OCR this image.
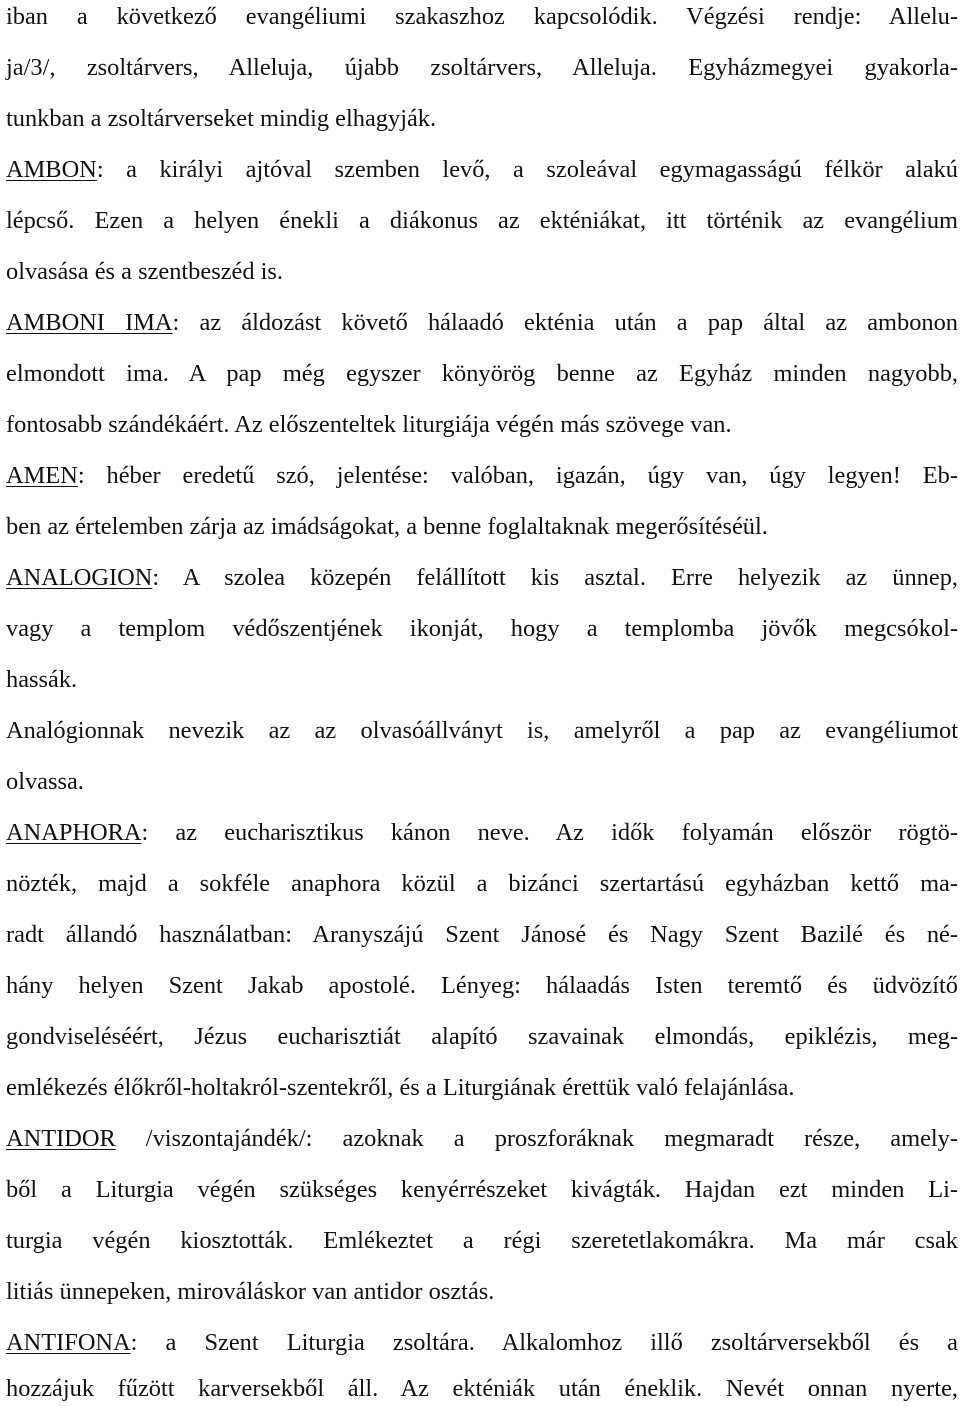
iban a következő evangéliumi szakaszhoz kapcsolódik. Végzési rendje: Allelu-
ja/3/, zsoltárvers, Alleluja, újabb zsoltárvers, Alleluja. Egyházmegyei gyakorla-
tunkban a zsoltárverseket mindig elhagyják.
AMBON: a királyi ajtóval szemben levő, a szoleával egymagasságú félkör alakú
lépcső. Ezen a helyen énekli a diákonus az ekténiákat, itt történik az evangélium
olvasása és a szentbeszéd is.
AMBONI IMA: az áldozást követő hálaadó ekténia után a pap által az ambonon
elmondott ima. A pap még egyszer könyörög benne az Egyház minden nagyobb,
fontosabb szándékáért. Az előszenteltek liturgiája végén más szövege van.
AMEN: héber eredetű szó, jelentése: valóban, igazán, úgy van, úgy legyen! Eb-
ben az értelemben zárja az imádságokat, a benne foglaltaknak megerősítéséül.
ANALOGION: A szolea közepén felállított kis asztal. Erre helyezik az ünnep,
vagy a templom védőszentjének ikonját, hogy a templomba jövők megcsókol-
hassák.
Analógionnak nevezik az az olvasóállványt is, amelyről a pap az evangéliumot
olvassa.
ANAPHORA: az eucharisztikus kánon neve. Az idők folyamán először rögtö-
nözték, majd a sokféle anaphora közül a bizánci szertartású egyházban kettő ma-
radt állandó használatban: Aranyszájú Szent Jánosé és Nagy Szent Bazilé és né-
hány helyen Szent Jakab apostolé. Lényeg: hálaadás Isten teremtő és üdvözítő
gondviseléséért, Jézus eucharisztiát alapító szavainak elmondás, epiklézis, meg-
emlékezés élőkről-holtakról-szentekről, és a Liturgiának érettük való felajánlása.
ANTIDOR /viszontajándék/: azoknak a proszforáknak megmaradt része, amely-
ből a Liturgia végén szükséges kenyérrészeket kivágták. Hajdan ezt minden Li-
turgia végén kiosztották. Emlékeztet a régi szeretetlakomákra. Ma már csak
litiás ünnepeken, mirováláskor van antidor osztás.
ANTIFONA: a Szent Liturgia zsoltára. Alkalomhoz illő zsoltárversekből és a
hozzájuk fűzött karversekből áll. Az ekténiák után éneklik. Nevét onnan nyerte,
